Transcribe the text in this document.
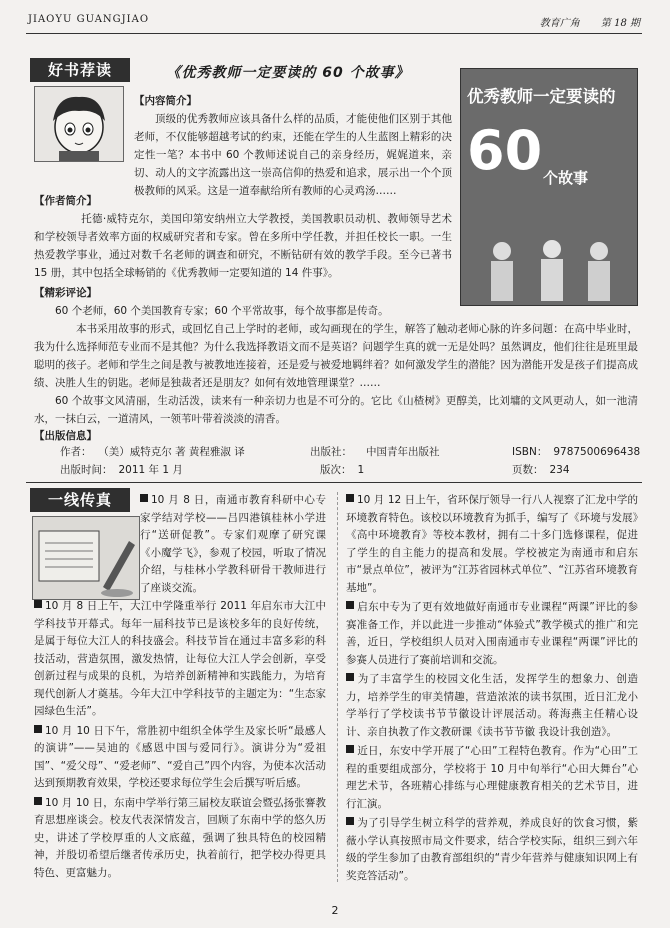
JIAOYU GUANGJIAO	教育广角 第 18 期
好书荐读	《优秀教师一定要读的 60 个故事》
【内容简介】
顶级的优秀教师应该具备什么样的品质，才能使他们区别于其他老师，不仅能够超越考试的约束，还能在学生的人生蓝图上精彩的决定性一笔？本书中 60 个教师述说自己的亲身经历，娓娓道来，亲切、动人的文字流露出这一崇高信仰的热爱和追求，展示出一个个顶极教师的风采。这是一道奉献给所有教师的心灵鸡汤……
优秀教师一定要读的
60 个故事
【作者简介】
托德·威特克尔，美国印第安纳州立大学教授，美国教职员动机、教师领导艺术和学校领导者效率方面的权威研究者和专家。曾在多所中学任教，并担任校长一职。一生热爱教学事业，通过对数千名老师的调查和研究，不断钻研有效的教学手段。至今已著书 15 册，其中包括全球畅销的《优秀教师一定要知道的 14 件事》。
【精彩评论】
60 个老师，60 个美国教育专家；60 个平常故事，每个故事都是传奇。
本书采用故事的形式，或回忆自己上学时的老师，或勾画现在的学生，解答了触动老师心脉的许多问题：在高中毕业时，我为什么选择师范专业而不是其他？为什么我选择教语文而不是英语？问题学生真的就一无是处吗？虽然调皮，他们往往是班里最聪明的孩子。老师和学生之间是教与被教地连接着，还是爱与被爱地羁绊着？如何激发学生的潜能？因为潜能开发是孩子们提高成绩、决胜人生的钥匙。老师是独裁者还是朋友？如何有效地管理课堂？……
60 个故事文风清丽，生动活泼，读来有一种亲切力也是不可分的。它比《山楂树》更醇美，比刘墉的文风更动人，如一池清水，一抹白云，一道清风，一领苇叶带着淡淡的清香。
【出版信息】
作者： （美）威特克尔 著 黄程雅淑 译	出版社： 中国青年出版社	ISBN： 9787500696438
出版时间： 2011 年 1 月	版次： 1	页数： 234
一线传真	10 月 8 日，南通市教育科研中心专家学结对学校——吕四港镇桂林小学进行“送研促教”。专家们观摩了研究课《小魔学飞》，参观了校园，听取了情况介绍，与桂林小学教科研骨干教师进行了座谈交流。
10 月 8 日上午，大江中学隆重举行 2011 年启东市大江中学科技节开幕式。每年一届科技节已是该校多年的良好传统，是属于每位大江人的科技盛会。科技节旨在通过丰富多彩的科技活动，营造氛围，激发热情，让每位大江人学会创新，享受创新过程与成果的良机，为培养创新精神和实践能力，为培育现代创新人才奠基。今年大江中学科技节的主题定为：“生态家园绿色生活”。
10 月 10 日下午，常胜初中组织全体学生及家长听“最感人的演讲”——吴迪的《感恩中国与爱同行》。演讲分为“爱祖国”、“爱父母”、“爱老师”、“爱自己”四个内容，为使本次活动达到预期教育效果，学校还要求每位学生会后撰写听后感。
10 月 10 日，东南中学举行第三届校友联谊会暨弘扬张謇教育思想座谈会。校友代表深情发言，回顾了东南中学的悠久历史，讲述了学校厚重的人文底蕴，强调了独具特色的校园精神，并殷切希望后继者传承历史，执着前行，把学校办得更具特色、更富魅力。
10 月 12 日上午，省环保厅领导一行八人视察了汇龙中学的环境教育特色。该校以环境教育为抓手，编写了《环境与发展》《高中环境教育》等校本教材，拥有二十多门选修课程，促进了学生的自主能力的提高和发展。学校被定为南通市和启东市“景点单位”，被评为“江苏省园林式单位”、“江苏省环境教育基地”。
启东中专为了更有效地做好南通市专业课程“两课”评比的参赛准备工作，并以此进一步推动“体验式”教学模式的推广和完善，近日，学校组织人员对入围南通市专业课程“两课”评比的参赛人员进行了赛前培训和交流。
为了丰富学生的校园文化生活，发挥学生的想象力、创造力，培养学生的审美情趣，营造浓浓的读书氛围，近日汇龙小学举行了学校读书节节徽设计评展活动。蒋海燕主任精心设计、亲自执教了作文教研课《读书节节徽 我设计我创造》。
近日，东安中学开展了“心田”工程特色教育。作为“心田”工程的重要组成部分，学校将于 10 月中旬举行“心田大舞台”心理艺术节，各班精心排练与心理健康教育相关的艺术节目，进行汇演。
为了引导学生树立科学的营养观，养成良好的饮食习惯，紫薇小学认真按照市局文件要求，结合学校实际，组织三到六年级的学生参加了由教育部组织的“青少年营养与健康知识网上有奖竞答活动”。
2
